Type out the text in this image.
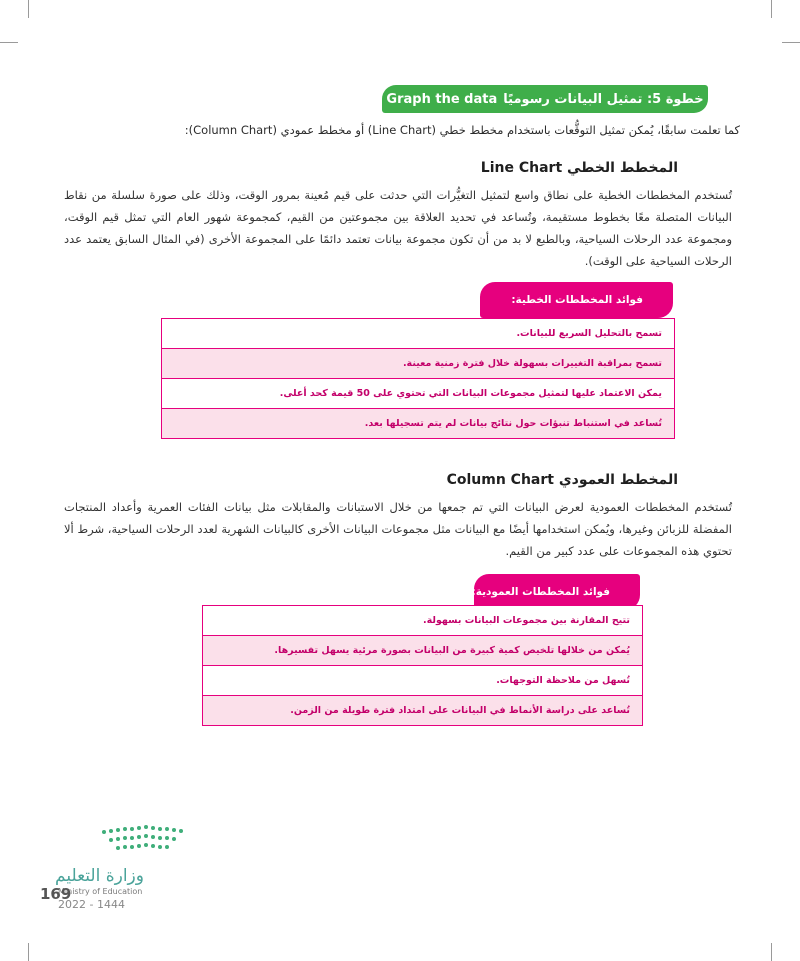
خطوة 5: تمثيل البيانات رسوميًا
Graph the data
كما تعلمت سابقًا، يُمكن تمثيل التوقُّعات باستخدام مخطط خطي (Line Chart) أو مخطط عمودي (Column Chart):
المخطط الخطي Line Chart
تُستخدم المخططات الخطية على نطاق واسع لتمثيل التغيُّرات التي حدثت على قيم مُعينة بمرور الوقت، وذلك على صورة سلسلة من نقاط البيانات المتصلة معًا بخطوط مستقيمة، وتُساعد في تحديد العلاقة بين مجموعتين من القيم، كمجموعة شهور العام التي تمثل قيم الوقت، ومجموعة عدد الرحلات السياحية، وبالطبع لا بد من أن تكون مجموعة بيانات تعتمد دائمًا على المجموعة الأخرى (في المثال السابق يعتمد عدد الرحلات السياحية على الوقت).
فوائد المخططات الخطية:
تسمح بالتحليل السريع للبيانات.
تسمح بمراقبة التغييرات بسهولة خلال فترة زمنية معينة.
يمكن الاعتماد عليها لتمثيل مجموعات البيانات التي تحتوي على 50 قيمة كحد أعلى.
تُساعد في استنباط تنبؤات حول نتائج بيانات لم يتم تسجيلها بعد.
المخطط العمودي Column Chart
تُستخدم المخططات العمودية لعرض البيانات التي تم جمعها من خلال الاستبانات والمقابلات مثل بيانات الفئات العمرية وأعداد المنتجات المفضلة للزبائن وغيرها، ويُمكن استخدامها أيضًا مع البيانات مثل مجموعات البيانات الأخرى كالبيانات الشهرية لعدد الرحلات السياحية، شرط ألا تحتوي هذه المجموعات على عدد كبير من القيم.
فوائد المخططات العمودية:
تتيح المقارنة بين مجموعات البيانات بسهولة.
يُمكن من خلالها تلخيص كمية كبيرة من البيانات بصورة مرئية يسهل تفسيرها.
تُسهل من ملاحظة التوجهات.
تُساعد على دراسة الأنماط في البيانات على امتداد فترة طويلة من الزمن.
وزارة التعليم
Ministry of Education
169
2022 - 1444
